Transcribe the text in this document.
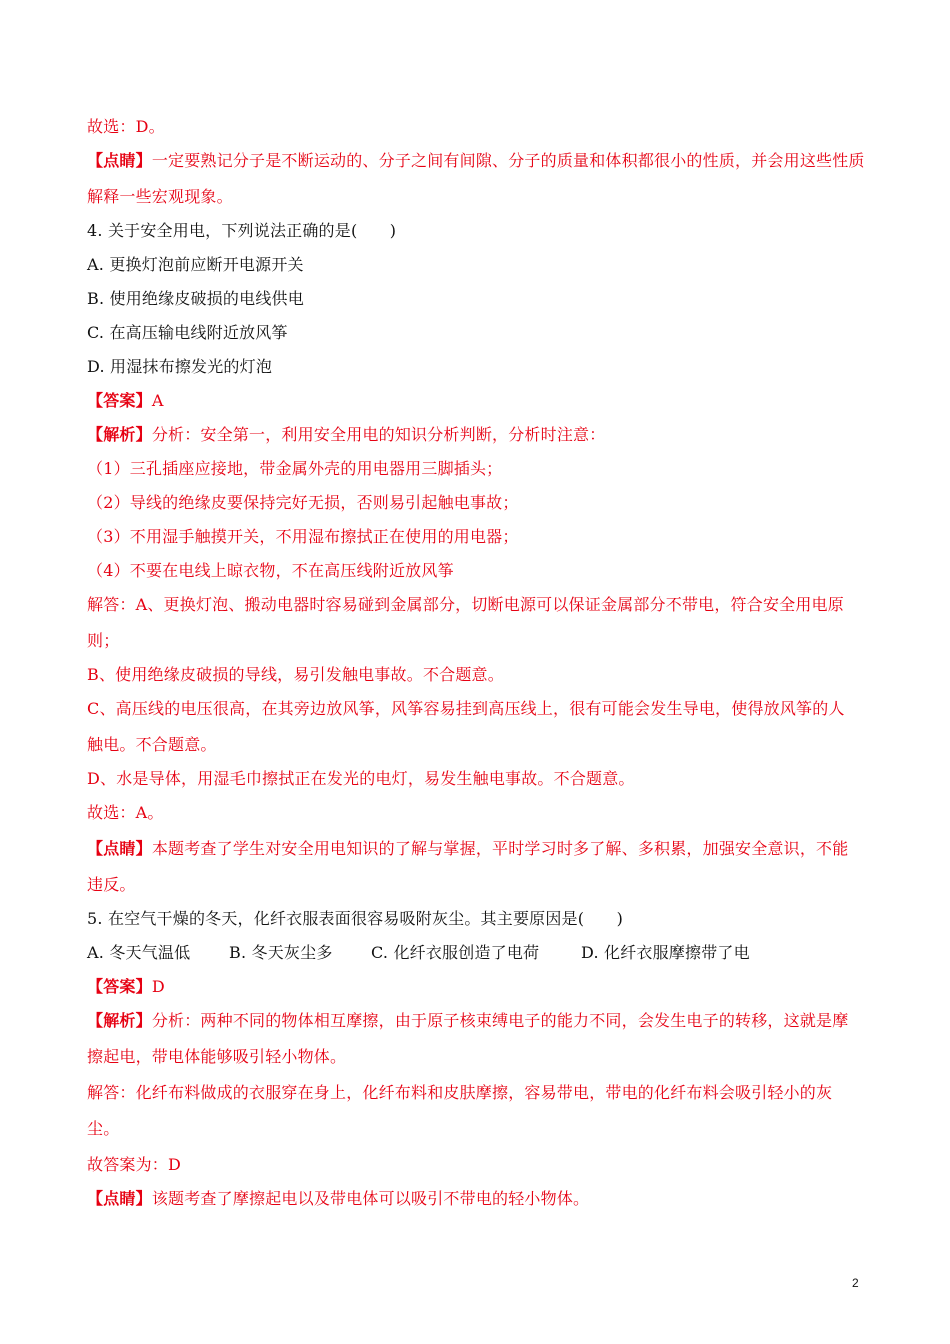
故选：D。
【点睛】一定要熟记分子是不断运动的、分子之间有间隙、分子的质量和体积都很小的性质，并会用这些性质
解释一些宏观现象。
4. 关于安全用电，下列说法正确的是(　　)
A. 更换灯泡前应断开电源开关
B. 使用绝缘皮破损的电线供电
C. 在高压输电线附近放风筝
D. 用湿抹布擦发光的灯泡
【答案】A
【解析】分析：安全第一，利用安全用电的知识分析判断，分析时注意：
（1）三孔插座应接地，带金属外壳的用电器用三脚插头；
（2）导线的绝缘皮要保持完好无损，否则易引起触电事故；
（3）不用湿手触摸开关，不用湿布擦拭正在使用的用电器；
（4）不要在电线上晾衣物，不在高压线附近放风筝
解答：A、更换灯泡、搬动电器时容易碰到金属部分，切断电源可以保证金属部分不带电，符合安全用电原
则；
B、使用绝缘皮破损的导线，易引发触电事故。不合题意。
C、高压线的电压很高，在其旁边放风筝，风筝容易挂到高压线上，很有可能会发生导电，使得放风筝的人
触电。不合题意。
D、水是导体，用湿毛巾擦拭正在发光的电灯，易发生触电事故。不合题意。
故选：A。
【点睛】本题考查了学生对安全用电知识的了解与掌握，平时学习时多了解、多积累，加强安全意识，不能
违反。
5. 在空气干燥的冬天，化纤衣服表面很容易吸附灰尘。其主要原因是(　　)
A. 冬天气温低 B. 冬天灰尘多 C. 化纤衣服创造了电荷	D. 化纤衣服摩擦带了电
【答案】D
【解析】分析：两种不同的物体相互摩擦，由于原子核束缚电子的能力不同，会发生电子的转移，这就是摩
擦起电，带电体能够吸引轻小物体。
解答：化纤布料做成的衣服穿在身上，化纤布料和皮肤摩擦，容易带电，带电的化纤布料会吸引轻小的灰
尘。
故答案为：D
【点睛】该题考查了摩擦起电以及带电体可以吸引不带电的轻小物体。
2
